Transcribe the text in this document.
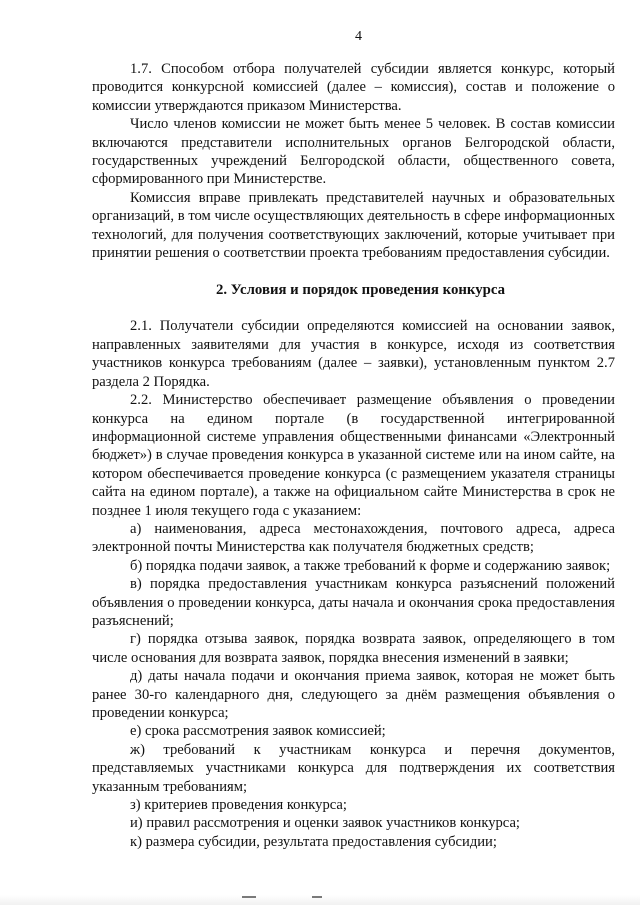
4

1.7. Способом отбора получателей субсидии является конкурс, который проводится конкурсной комиссией (далее – комиссия), состав и положение о комиссии утверждаются приказом Министерства.

Число членов комиссии не может быть менее 5 человек. В состав комиссии включаются представители исполнительных органов Белгородской области, государственных учреждений Белгородской области, общественного совета, сформированного при Министерстве.

Комиссия вправе привлекать представителей научных и образовательных организаций, в том числе осуществляющих деятельность в сфере информационных технологий, для получения соответствующих заключений, которые учитывает при принятии решения о соответствии проекта требованиям предоставления субсидии.

2. Условия и порядок проведения конкурса

2.1. Получатели субсидии определяются комиссией на основании заявок, направленных заявителями для участия в конкурсе, исходя из соответствия участников конкурса требованиям (далее – заявки), установленным пунктом 2.7 раздела 2 Порядка.

2.2. Министерство обеспечивает размещение объявления о проведении конкурса на едином портале (в государственной интегрированной информационной системе управления общественными финансами «Электронный бюджет») в случае проведения конкурса в указанной системе или на ином сайте, на котором обеспечивается проведение конкурса (с размещением указателя страницы сайта на едином портале), а также на официальном сайте Министерства в срок не позднее 1 июля текущего года с указанием:

а) наименования, адреса местонахождения, почтового адреса, адреса электронной почты Министерства как получателя бюджетных средств;

б) порядка подачи заявок, а также требований к форме и содержанию заявок;

в) порядка предоставления участникам конкурса разъяснений положений объявления о проведении конкурса, даты начала и окончания срока предоставления разъяснений;

г) порядка отзыва заявок, порядка возврата заявок, определяющего в том числе основания для возврата заявок, порядка внесения изменений в заявки;

д) даты начала подачи и окончания приема заявок, которая не может быть ранее 30-го календарного дня, следующего за днём размещения объявления о проведении конкурса;

е) срока рассмотрения заявок комиссией;

ж) требований к участникам конкурса и перечня документов, представляемых участниками конкурса для подтверждения их соответствия указанным требованиям;

з) критериев проведения конкурса;

и) правил рассмотрения и оценки заявок участников конкурса;

к) размера субсидии, результата предоставления субсидии;
